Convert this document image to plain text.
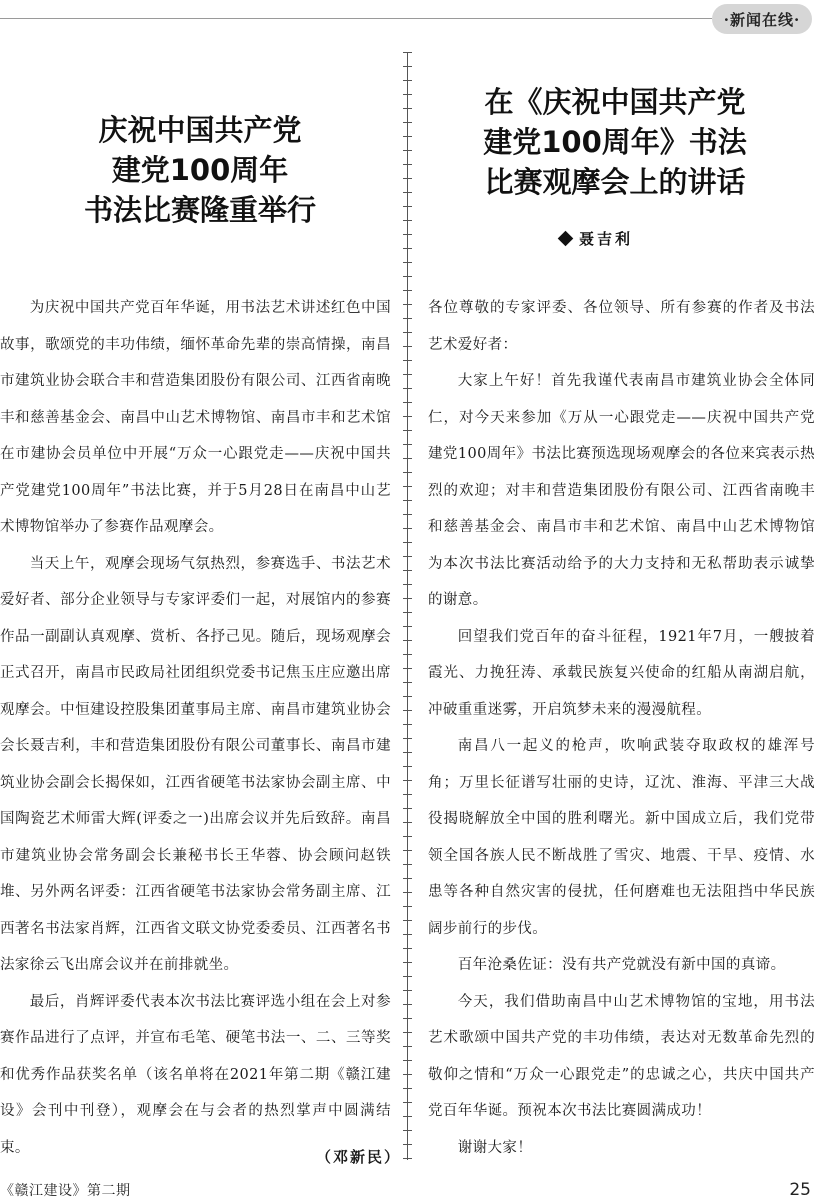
·新闻在线·
庆祝中国共产党
建党100周年
书法比赛隆重举行
在《庆祝中国共产党
建党100周年》书法
比赛观摩会上的讲话
聂吉利

为庆祝中国共产党百年华诞，用书法艺术讲述红色中国故事，歌颂党的丰功伟绩，缅怀革命先辈的崇高情操，南昌市建筑业协会联合丰和营造集团股份有限公司、江西省南晚丰和慈善基金会、南昌中山艺术博物馆、南昌市丰和艺术馆在市建协会员单位中开展“万众一心跟党走——庆祝中国共产党建党100周年”书法比赛，并于5月28日在南昌中山艺术博物馆举办了参赛作品观摩会。

当天上午，观摩会现场气氛热烈，参赛选手、书法艺术爱好者、部分企业领导与专家评委们一起，对展馆内的参赛作品一副副认真观摩、赏析、各抒己见。随后，现场观摩会正式召开，南昌市民政局社团组织党委书记焦玉庄应邀出席观摩会。中恒建设控股集团董事局主席、南昌市建筑业协会会长聂吉利，丰和营造集团股份有限公司董事长、南昌市建筑业协会副会长揭保如，江西省硬笔书法家协会副主席、中国陶瓷艺术师雷大辉(评委之一)出席会议并先后致辞。南昌市建筑业协会常务副会长兼秘书长王华蓉、协会顾问赵铁堆、另外两名评委：江西省硬笔书法家协会常务副主席、江西著名书法家肖辉，江西省文联文协党委委员、江西著名书法家徐云飞出席会议并在前排就坐。

最后，肖辉评委代表本次书法比赛评选小组在会上对参赛作品进行了点评，并宣布毛笔、硬笔书法一、二、三等奖和优秀作品获奖名单（该名单将在2021年第二期《赣江建设》会刊中刊登），观摩会在与会者的热烈掌声中圆满结束。

（邓新民）

各位尊敬的专家评委、各位领导、所有参赛的作者及书法艺术爱好者：

大家上午好！首先我谨代表南昌市建筑业协会全体同仁，对今天来参加《万从一心跟党走——庆祝中国共产党建党100周年》书法比赛预选现场观摩会的各位来宾表示热烈的欢迎；对丰和营造集团股份有限公司、江西省南晚丰和慈善基金会、南昌市丰和艺术馆、南昌中山艺术博物馆为本次书法比赛活动给予的大力支持和无私帮助表示诚挚的谢意。

回望我们党百年的奋斗征程，1921年7月，一艘披着霞光、力挽狂涛、承载民族复兴使命的红船从南湖启航，冲破重重迷雾，开启筑梦未来的漫漫航程。

南昌八一起义的枪声，吹响武装夺取政权的雄浑号角；万里长征谱写壮丽的史诗，辽沈、淮海、平津三大战役揭晓解放全中国的胜利曙光。新中国成立后，我们党带领全国各族人民不断战胜了雪灾、地震、干旱、疫情、水患等各种自然灾害的侵扰，任何磨难也无法阻挡中华民族阔步前行的步伐。

百年沧桑佐证：没有共产党就没有新中国的真谛。

今天，我们借助南昌中山艺术博物馆的宝地，用书法艺术歌颂中国共产党的丰功伟绩，表达对无数革命先烈的敬仰之情和“万众一心跟党走”的忠诚之心，共庆中国共产党百年华诞。预祝本次书法比赛圆满成功！

谢谢大家！

《赣江建设》第二期	25
